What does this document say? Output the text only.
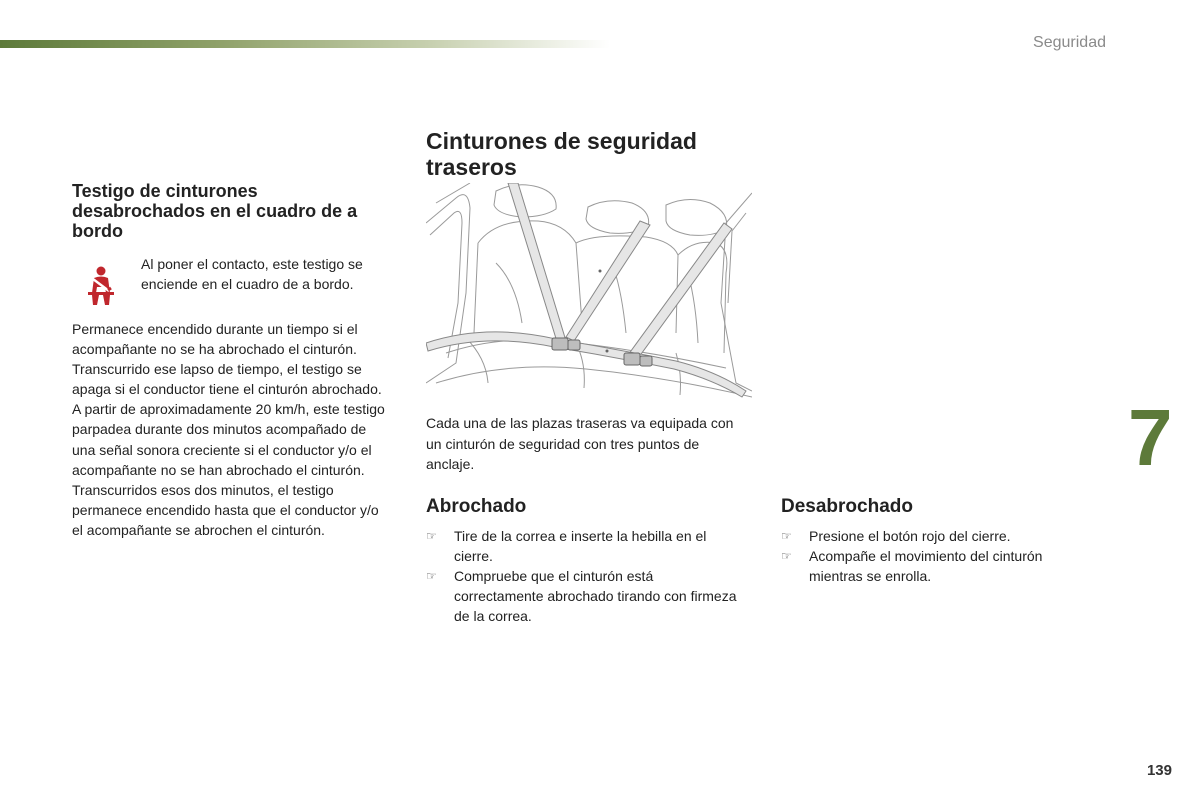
Seguridad
7
139
Testigo de cinturones desabrochados en el cuadro de a bordo
Al poner el contacto, este testigo se enciende en el cuadro de a bordo.

Permanece encendido durante un tiempo si el acompañante no se ha abrochado el cinturón. Transcurrido ese lapso de tiempo, el testigo se apaga si el conductor tiene el cinturón abrochado.

A partir de aproximadamente 20 km/h, este testigo parpadea durante dos minutos acompañado de una señal sonora creciente si el conductor y/o el acompañante no se han abrochado el cinturón. Transcurridos esos dos minutos, el testigo permanece encendido hasta que el conductor y/o el acompañante se abrochen el cinturón.

Cinturones de seguridad traseros
Cada una de las plazas traseras va equipada con un cinturón de seguridad con tres puntos de anclaje.
Abrochado
☞ Tire de la correa e inserte la hebilla en el cierre.
☞ Compruebe que el cinturón está correctamente abrochado tirando con firmeza de la correa.
Desabrochado
☞ Presione el botón rojo del cierre.
☞ Acompañe el movimiento del cinturón mientras se enrolla.
